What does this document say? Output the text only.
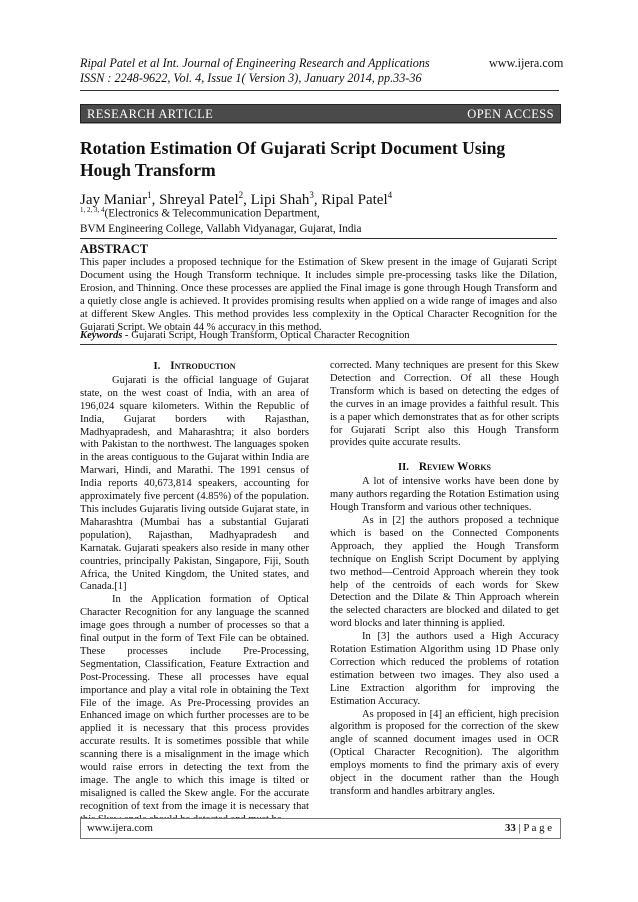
Ripal Patel et al Int. Journal of Engineering Research and Applications
ISSN : 2248-9622, Vol. 4, Issue 1( Version 3), January 2014, pp.33-36
www.ijera.com
RESEARCH ARTICLE	OPEN ACCESS
Rotation Estimation Of Gujarati Script Document Using Hough Transform
Jay Maniar$^1$, Shreyal Patel$^2$, Lipi Shah$^3$, Ripal Patel$^4$
$^{1, 2, 3, 4}$(Electronics & Telecommunication Department,
BVM Engineering College, Vallabh Vidyanagar, Gujarat, India
ABSTRACT
This paper includes a proposed technique for the Estimation of Skew present in the image of Gujarati Script Document using the Hough Transform technique. It includes simple pre-processing tasks like the Dilation, Erosion, and Thinning. Once these processes are applied the Final image is gone through Hough Transform and a quietly close angle is achieved. It provides promising results when applied on a wide range of images and also at different Skew Angles. This method provides less complexity in the Optical Character Recognition for the Gujarati Script. We obtain 44 % accuracy in this method.
Keywords - Gujarati Script, Hough Transform, Optical Character Recognition
I. Introduction

Gujarati is the official language of Gujarat state, on the west coast of India, with an area of 196,024 square kilometers. Within the Republic of India, Gujarat borders with Rajasthan, Madhyapradesh, and Maharashtra; it also borders with Pakistan to the northwest. The languages spoken in the areas contiguous to the Gujarat within India are Marwari, Hindi, and Marathi. The 1991 census of India reports 40,673,814 speakers, accounting for approximately five percent (4.85%) of the population. This includes Gujaratis living outside Gujarat state, in Maharashtra (Mumbai has a substantial Gujarati population), Rajasthan, Madhyapradesh and Karnatak. Gujarati speakers also reside in many other countries, principally Pakistan, Singapore, Fiji, South Africa, the United Kingdom, the United states, and Canada.[1]

In the Application formation of Optical Character Recognition for any language the scanned image goes through a number of processes so that a final output in the form of Text File can be obtained. These processes include Pre-Processing, Segmentation, Classification, Feature Extraction and Post-Processing. These all processes have equal importance and play a vital role in obtaining the Text File of the image. As Pre-Processing provides an Enhanced image on which further processes are to be applied it is necessary that this process provides accurate results. It is sometimes possible that while scanning there is a misalignment in the image which would raise errors in detecting the text from the image. The angle to which this image is tilted or misaligned is called the Skew angle. For the accurate recognition of text from the image it is necessary that

corrected. Many techniques are present for this Skew Detection and Correction. Of all these Hough Transform which is based on detecting the edges of the curves in an image provides a faithful result. This is a paper which demonstrates that as for other scripts for Gujarati Script also this Hough Transform provides quite accurate results.

II. Review Works

A lot of intensive works have been done by many authors regarding the Rotation Estimation using Hough Transform and various other techniques.

As in [2] the authors proposed a technique which is based on the Connected Components Approach, they applied the Hough Transform technique on English Script Document by applying two method—Centroid Approach wherein they took help of the centroids of each words for Skew Detection and the Dilate & Thin Approach wherein the selected characters are blocked and dilated to get word blocks and later thinning is applied.

In [3] the authors used a High Accuracy Rotation Estimation Algorithm using 1D Phase only Correction which reduced the problems of rotation estimation between two images. They also used a Line Extraction algorithm for improving the Estimation Accuracy.

As proposed in [4] an efficient, high precision algorithm is proposed for the correction of the skew angle of scanned document images used in OCR (Optical Character Recognition). The algorithm employs moments to find the primary axis of every object in the document rather than the Hough transform and handles arbitrary angles.

www.ijera.com	33 | P a g e
